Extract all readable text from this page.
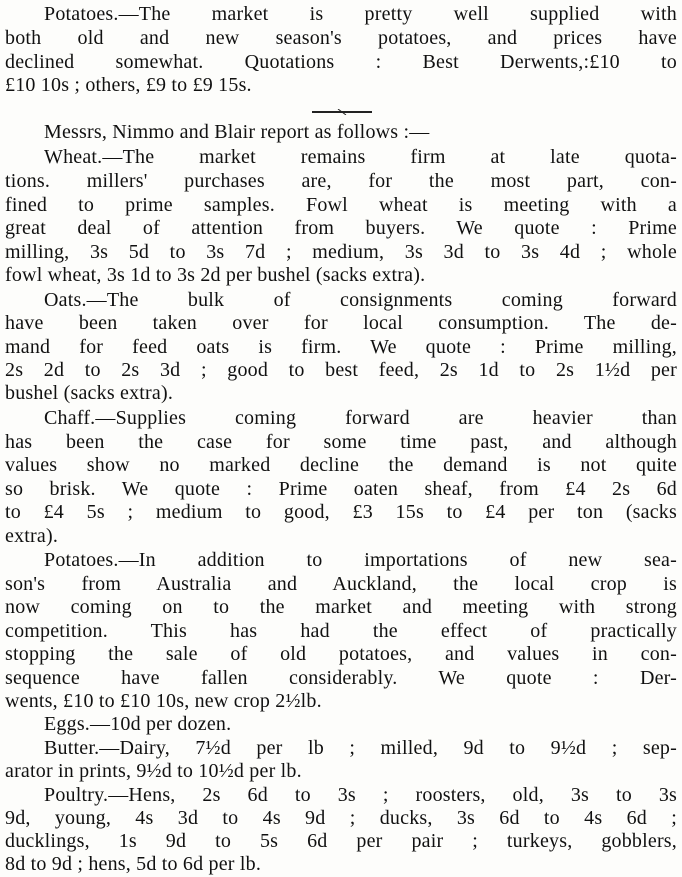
Potatoes.—The market is pretty well supplied with
both old and new season's potatoes, and prices have
declined somewhat. Quotations : Best Derwents,:£10 to
£10 10s ; others, £9 to £9 15s.
Messrs, Nimmo and Blair report as follows :—
Wheat.—The market remains firm at late quota-
tions. millers' purchases are, for the most part, con-
fined to prime samples. Fowl wheat is meeting with a
great deal of attention from buyers. We quote : Prime
milling, 3s 5d to 3s 7d ; medium, 3s 3d to 3s 4d ; whole
fowl wheat, 3s 1d to 3s 2d per bushel (sacks extra).
Oats.—The bulk of consignments coming forward
have been taken over for local consumption. The de-
mand for feed oats is firm. We quote : Prime milling,
2s 2d to 2s 3d ; good to best feed, 2s 1d to 2s 1½d per
bushel (sacks extra).
Chaff.—Supplies coming forward are heavier than
has been the case for some time past, and although
values show no marked decline the demand is not quite
so brisk. We quote : Prime oaten sheaf, from £4 2s 6d
to £4 5s ; medium to good, £3 15s to £4 per ton (sacks
extra).
Potatoes.—In addition to importations of new sea-
son's from Australia and Auckland, the local crop is
now coming on to the market and meeting with strong
competition. This has had the effect of practically
stopping the sale of old potatoes, and values in con-
sequence have fallen considerably. We quote : Der-
wents, £10 to £10 10s, new crop 2½lb.
Eggs.—10d per dozen.
Butter.—Dairy, 7½d per lb ; milled, 9d to 9½d ; sep-
arator in prints, 9½d to 10½d per lb.
Poultry.—Hens, 2s 6d to 3s ; roosters, old, 3s to 3s
9d, young, 4s 3d to 4s 9d ; ducks, 3s 6d to 4s 6d ;
ducklings, 1s 9d to 5s 6d per pair ; turkeys, gobblers,
8d to 9d ; hens, 5d to 6d per lb.
